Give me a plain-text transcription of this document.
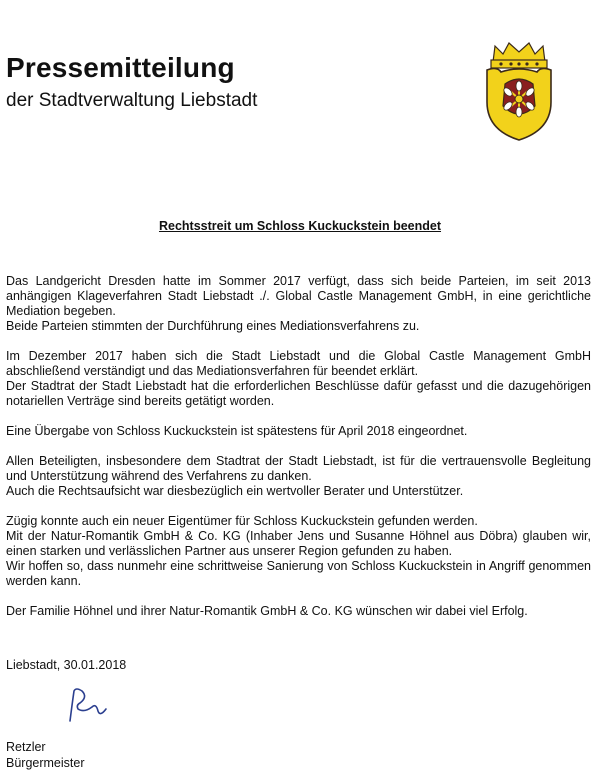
Pressemitteilung
der Stadtverwaltung Liebstadt
Rechtsstreit um Schloss Kuckuckstein beendet

Das Landgericht Dresden hatte im Sommer 2017 verfügt, dass sich beide Parteien, im seit 2013 anhängigen Klageverfahren Stadt Liebstadt ./. Global Castle Management GmbH, in eine gerichtliche Mediation begeben.
Beide Parteien stimmten der Durchführung eines Mediationsverfahrens zu.

Im Dezember 2017 haben sich die Stadt Liebstadt und die Global Castle Management GmbH abschließend verständigt und das Mediationsverfahren für beendet erklärt.
Der Stadtrat der Stadt Liebstadt hat die erforderlichen Beschlüsse dafür gefasst und die dazugehörigen notariellen Verträge sind bereits getätigt worden.

Eine Übergabe von Schloss Kuckuckstein ist spätestens für April 2018 eingeordnet.

Allen Beteiligten, insbesondere dem Stadtrat der Stadt Liebstadt, ist für die vertrauensvolle Begleitung und Unterstützung während des Verfahrens zu danken.
Auch die Rechtsaufsicht war diesbezüglich ein wertvoller Berater und Unterstützer.

Zügig konnte auch ein neuer Eigentümer für Schloss Kuckuckstein gefunden werden.
Mit der Natur-Romantik GmbH & Co. KG (Inhaber Jens und Susanne Höhnel aus Döbra) glauben wir, einen starken und verlässlichen Partner aus unserer Region gefunden zu haben.
Wir hoffen so, dass nunmehr eine schrittweise Sanierung von Schloss Kuckuckstein in Angriff genommen werden kann.

Der Familie Höhnel und ihrer Natur-Romantik GmbH & Co. KG wünschen wir dabei viel Erfolg.

Liebstadt, 30.01.2018
Retzler
Bürgermeister
